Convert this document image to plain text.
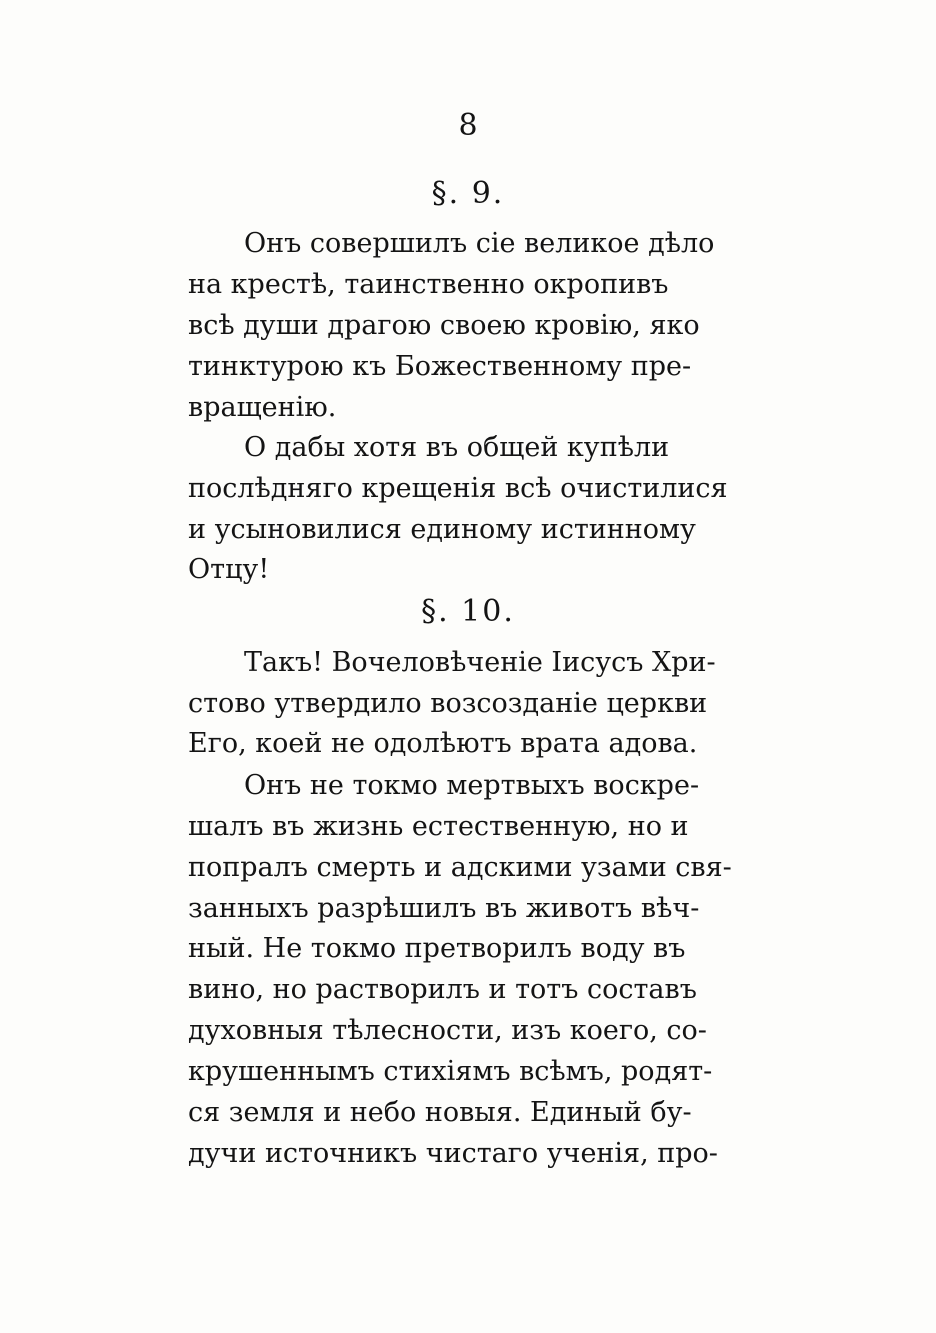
8
§. 9.
Онъ совершилъ сіе великое дѣло
на крестѣ, таинственно окропивъ
всѣ души драгою своею кровію, яко
тинктурою къ Божественному пре-
вращенію.
О дабы хотя въ общей купѣли
послѣдняго крещенія всѣ очистилися
и усыновилися единому истинному
Отцу!
§. 10.
Такъ! Вочеловѣченіе Іисусъ Хри-
стово утвердило возсозданіе церкви
Его, коей не одолѣютъ врата адова.
Онъ не токмо мертвыхъ воскре-
шалъ въ жизнь естественную, но и
попралъ смерть и адскими узами свя-
занныхъ разрѣшилъ въ животъ вѣч-
ный. Не токмо претворилъ воду въ
вино, но растворилъ и тотъ составъ
духовныя тѣлесности, изъ коего, со-
крушеннымъ стихіямъ всѣмъ, родят-
ся земля и небо новыя. Единый бу-
дучи источникъ чистаго ученія, про-
